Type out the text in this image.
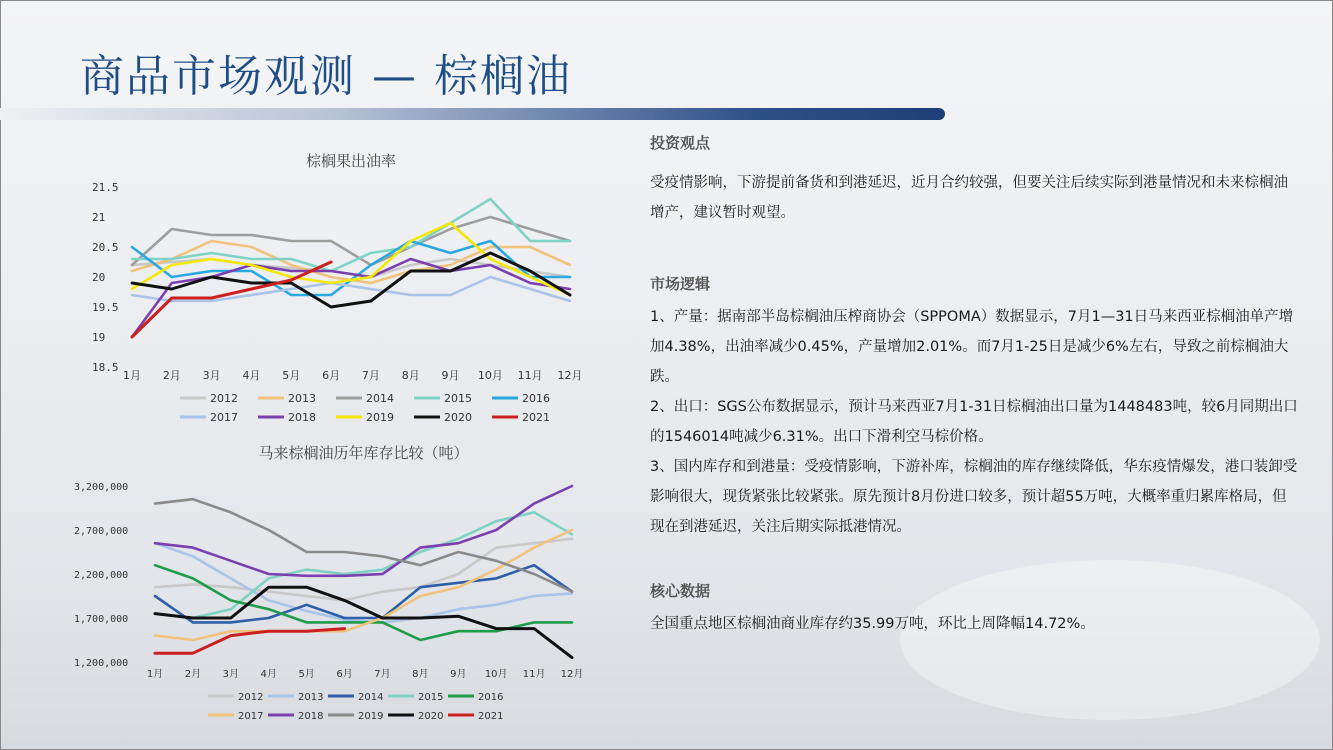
商品市场观测 — 棕榈油
棕榈果出油率
21.5
21
20.5
20
19.5
19
18.5
1月 2月 3月 4月 5月 6月 7月 8月 9月 10月 11月 12月
2012	2013	2014	2015	2016
2017	2018	2019	2020	2021
马来棕榈油历年库存比较（吨）
3,200,000
2,700,000
2,200,000
1,700,000
1,200,000
1月 2月 3月 4月 5月 6月 7月 8月 9月 10月 11月 12月
2012	2013	2014	2015	2016
2017	2018	2019	2020	2021

投资观点

受疫情影响，下游提前备货和到港延迟，近月合约较强，但要关注后续实际到港量情况和未来棕榈油增产，建议暂时观望。

市场逻辑

1、产量：据南部半岛棕榈油压榨商协会（SPPOMA）数据显示，7月1—31日马来西亚棕榈油单产增加4.38%，出油率减少0.45%，产量增加2.01%。而7月1-25日是减少6%左右，导致之前棕榈油大跌。

2、出口：SGS公布数据显示，预计马来西亚7月1-31日棕榈油出口量为1448483吨，较6月同期出口的1546014吨减少6.31%。出口下滑利空马棕价格。

3、国内库存和到港量：受疫情影响，下游补库，棕榈油的库存继续降低，华东疫情爆发，港口装卸受影响很大，现货紧张比较紧张。原先预计8月份进口较多，预计超55万吨，大概率重归累库格局，但现在到港延迟，关注后期实际抵港情况。

核心数据

全国重点地区棕榈油商业库存约35.99万吨，环比上周降幅14.72%。
